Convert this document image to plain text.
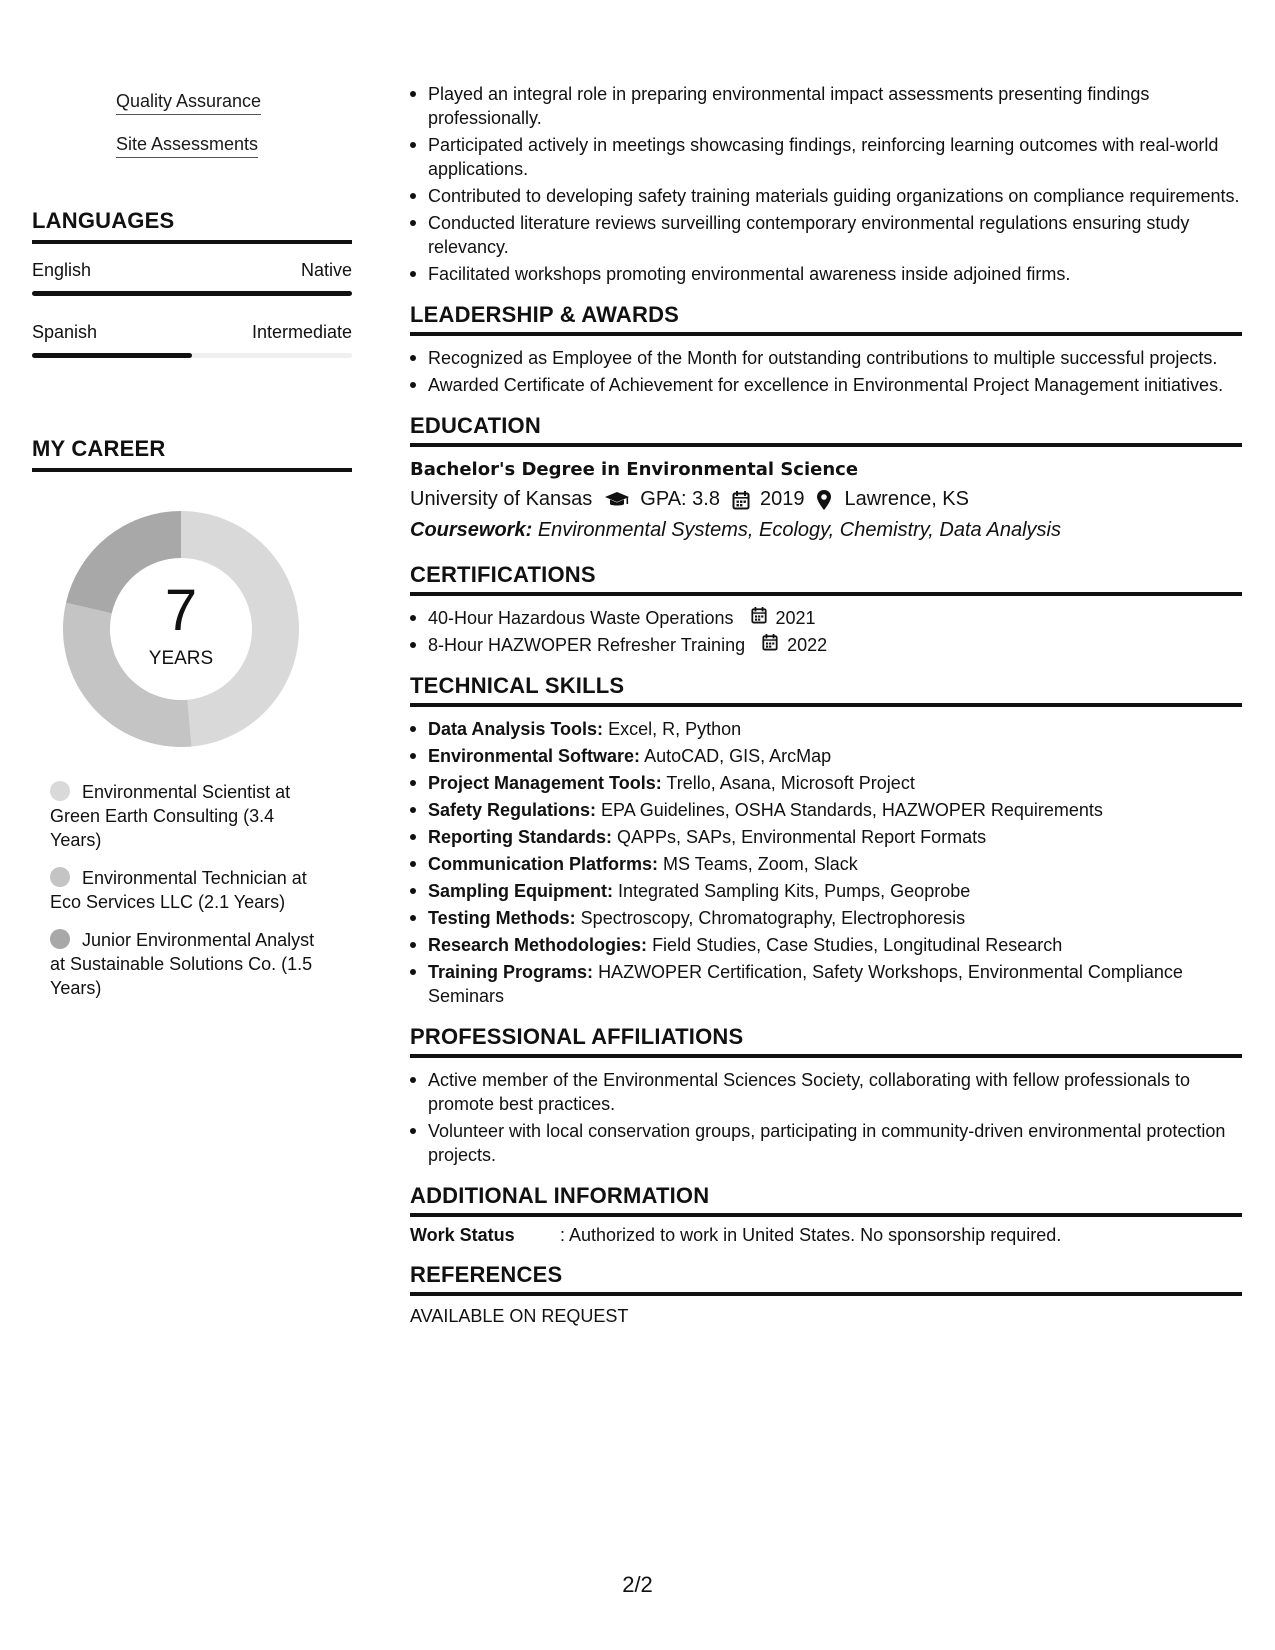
Quality Assurance
Site Assessments
LANGUAGES
English	Native
Spanish	Intermediate
MY CAREER
7
YEARS
Environmental Scientist at Green Earth Consulting (3.4 Years)
Environmental Technician at Eco Services LLC (2.1 Years)
Junior Environmental Analyst at Sustainable Solutions Co. (1.5 Years)
Played an integral role in preparing environmental impact assessments presenting findings professionally.
Participated actively in meetings showcasing findings, reinforcing learning outcomes with real-world applications.
Contributed to developing safety training materials guiding organizations on compliance requirements.
Conducted literature reviews surveilling contemporary environmental regulations ensuring study relevancy.
Facilitated workshops promoting environmental awareness inside adjoined firms.
LEADERSHIP & AWARDS
Recognized as Employee of the Month for outstanding contributions to multiple successful projects.
Awarded Certificate of Achievement for excellence in Environmental Project Management initiatives.
EDUCATION
Bachelor's Degree in Environmental Science
University of Kansas GPA: 3.8 2019 Lawrence, KS
Coursework: Environmental Systems, Ecology, Chemistry, Data Analysis
CERTIFICATIONS
40-Hour Hazardous Waste Operations 2021
8-Hour HAZWOPER Refresher Training 2022
TECHNICAL SKILLS
Data Analysis Tools: Excel, R, Python
Environmental Software: AutoCAD, GIS, ArcMap
Project Management Tools: Trello, Asana, Microsoft Project
Safety Regulations: EPA Guidelines, OSHA Standards, HAZWOPER Requirements
Reporting Standards: QAPPs, SAPs, Environmental Report Formats
Communication Platforms: MS Teams, Zoom, Slack
Sampling Equipment: Integrated Sampling Kits, Pumps, Geoprobe
Testing Methods: Spectroscopy, Chromatography, Electrophoresis
Research Methodologies: Field Studies, Case Studies, Longitudinal Research
Training Programs: HAZWOPER Certification, Safety Workshops, Environmental Compliance Seminars
PROFESSIONAL AFFILIATIONS
Active member of the Environmental Sciences Society, collaborating with fellow professionals to promote best practices.
Volunteer with local conservation groups, participating in community-driven environmental protection projects.
ADDITIONAL INFORMATION
Work Status	: Authorized to work in United States. No sponsorship required.
REFERENCES
AVAILABLE ON REQUEST
2/2
